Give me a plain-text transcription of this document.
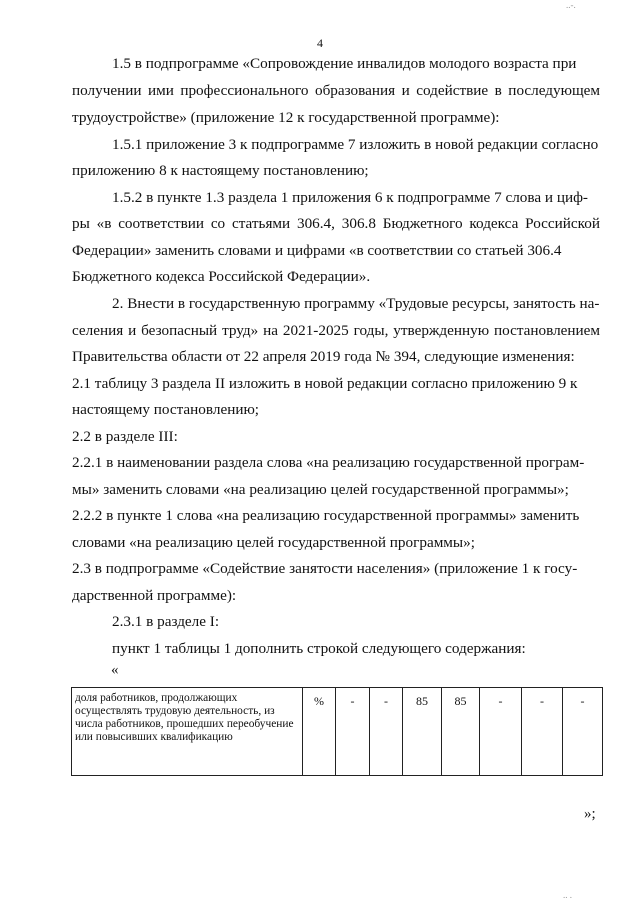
..-.
4
1.5 в подпрограмме «Сопровождение инвалидов молодого возраста при
получении ими профессионального образования и содействие в последующем
трудоустройстве» (приложение 12 к государственной программе):
1.5.1 приложение 3 к подпрограмме 7 изложить в новой редакции согласно
приложению 8 к настоящему постановлению;
1.5.2 в пункте 1.3 раздела 1 приложения 6 к подпрограмме 7 слова и циф-
ры «в соответствии со статьями 306.4, 306.8 Бюджетного кодекса Российской
Федерации» заменить словами и цифрами «в соответствии со статьей 306.4
Бюджетного кодекса Российской Федерации».
2. Внести в государственную программу «Трудовые ресурсы, занятость на-
селения и безопасный труд» на 2021-2025 годы, утвержденную постановлением
Правительства области от 22 апреля 2019 года № 394, следующие изменения:
2.1 таблицу 3 раздела II изложить в новой редакции согласно приложению 9 к
настоящему постановлению;
2.2 в разделе III:
2.2.1 в наименовании раздела слова «на реализацию государственной програм-
мы» заменить словами «на реализацию целей государственной программы»;
2.2.2 в пункте 1 слова «на реализацию государственной программы» заменить
словами «на реализацию целей государственной программы»;
2.3 в подпрограмме «Содействие занятости населения» (приложение 1 к госу-
дарственной программе):
2.3.1 в разделе I:
пункт 1 таблицы 1 дополнить строкой следующего содержания:
«
доля работников, продолжающих осуществлять трудовую деятельность, из числа работников, прошедших переобучение или повысивших квалификацию	%	-	-	85	85	-	-	-
»;
.. .
